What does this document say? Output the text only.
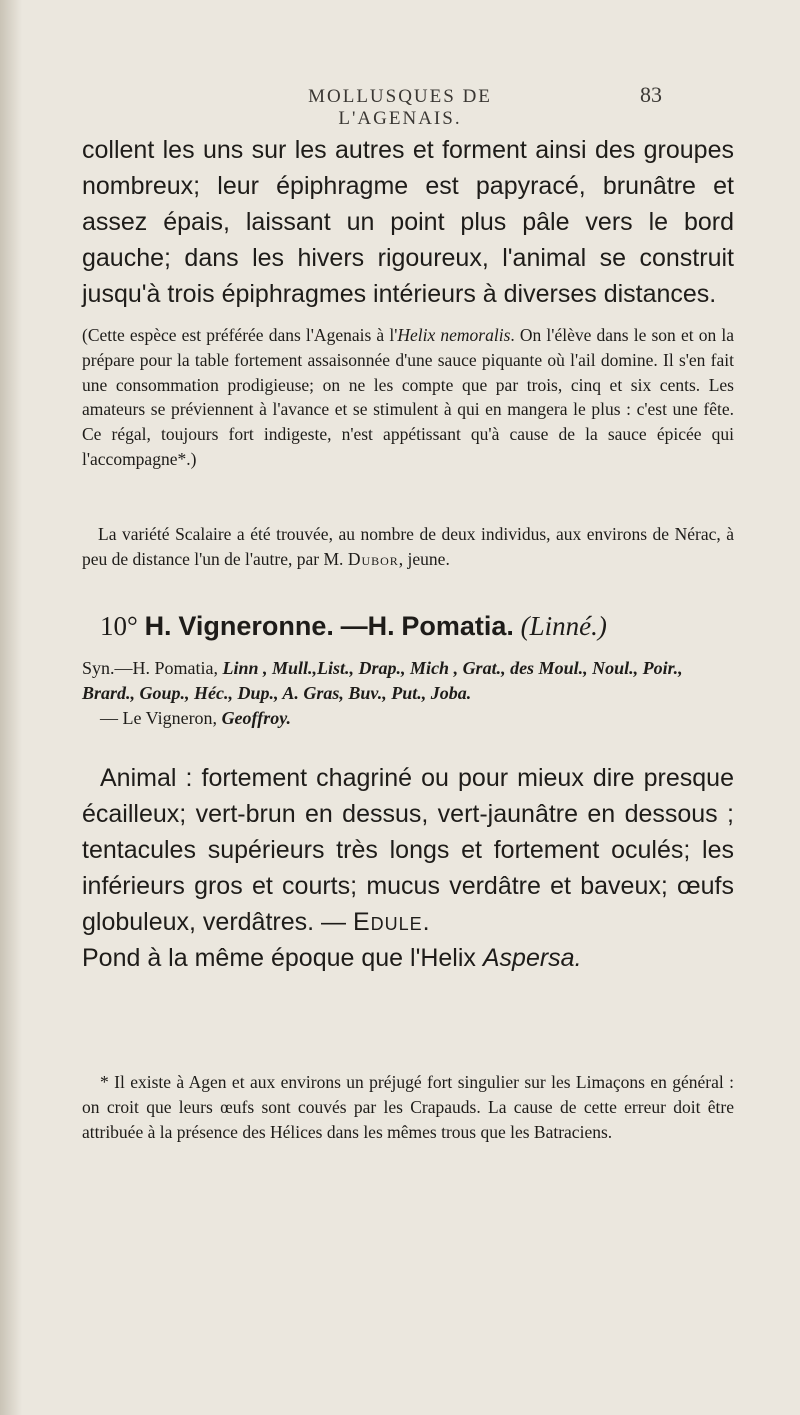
MOLLUSQUES DE L'AGENAIS.
83

collent les uns sur les autres et forment ainsi des groupes nombreux; leur épiphragme est papyracé, brunâtre et assez épais, laissant un point plus pâle vers le bord gauche; dans les hivers rigoureux, l'animal se construit jusqu'à trois épiphragmes intérieurs à diverses distances.

(Cette espèce est préférée dans l'Agenais à l'Helix nemoralis. On l'élève dans le son et on la prépare pour la table fortement assaisonnée d'une sauce piquante où l'ail domine. Il s'en fait une consommation prodigieuse; on ne les compte que par trois, cinq et six cents. Les amateurs se préviennent à l'avance et se stimulent à qui en mangera le plus : c'est une fête. Ce régal, toujours fort indigeste, n'est appétissant qu'à cause de la sauce épicée qui l'accompagne*.)

La variété Scalaire a été trouvée, au nombre de deux individus, aux environs de Nérac, à peu de distance l'un de l'autre, par M. Dubor, jeune.

10° H. Vigneronne. —H. Pomatia. (Linné.)

Syn.—H. Pomatia, Linn , Mull.,List., Drap., Mich , Grat., des Moul., Noul., Poir., Brard., Goup., Héc., Dup., A. Gras, Buv., Put., Joba.

— Le Vigneron, Geoffroy.

Animal : fortement chagriné ou pour mieux dire presque écailleux; vert-brun en dessus, vert-jaunâtre en dessous ; tentacules supérieurs très longs et fortement oculés; les inférieurs gros et courts; mucus verdâtre et baveux; œufs globuleux, verdâtres. — Edule.

Pond à la même époque que l'Helix Aspersa.

* Il existe à Agen et aux environs un préjugé fort singulier sur les Limaçons en général : on croit que leurs œufs sont couvés par les Crapauds. La cause de cette erreur doit être attribuée à la présence des Hélices dans les mêmes trous que les Batraciens.
